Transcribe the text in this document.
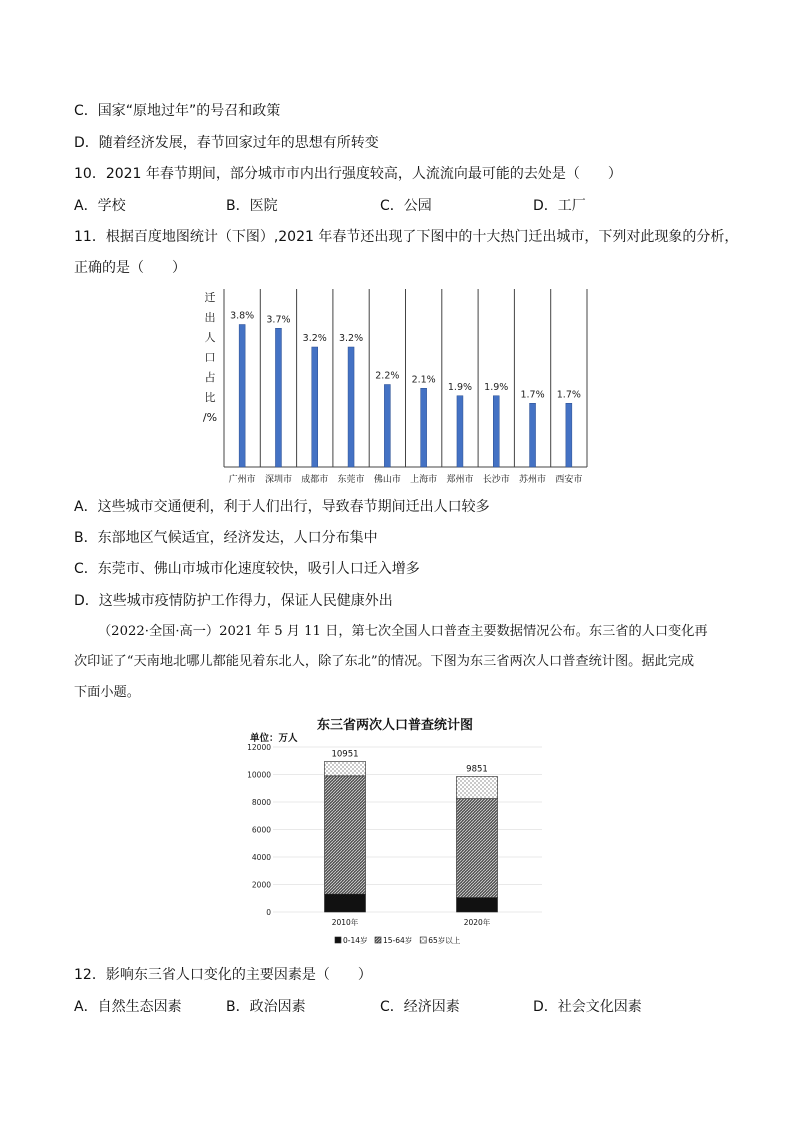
C．国家“原地过年”的号召和政策
D．随着经济发展，春节回家过年的思想有所转变
10．2021 年春节期间，部分城市市内出行强度较高，人流流向最可能的去处是（　　）
A．学校	B．医院	C．公园	D．工厂
11．根据百度地图统计（下图）,2021 年春节还出现了下图中的十大热门迁出城市，下列对此现象的分析，
正确的是（　　）
迁
出
人
口
占
比
/%
3.8%
广州市
3.7%
深圳市
3.2%
成都市
3.2%
东莞市
2.2%
佛山市
2.1%
上海市
1.9%
郑州市
1.9%
长沙市
1.7%
苏州市
1.7%
西安市
A．这些城市交通便利，利于人们出行，导致春节期间迁出人口较多
B．东部地区气候适宜，经济发达，人口分布集中
C．东莞市、佛山市城市化速度较快，吸引人口迁入增多
D．这些城市疫情防护工作得力，保证人民健康外出
（2022·全国·高一）2021 年 5 月 11 日，第七次全国人口普查主要数据情况公布。东三省的人口变化再
次印证了“天南地北哪儿都能见着东北人，除了东北”的情况。下图为东三省两次人口普查统计图。据此完成
下面小题。
东三省两次人口普查统计图
单位：万人
0
2000
4000
6000
8000
10000
12000
10951
2010年
9851
2020年
0-14岁 15-64岁 65岁以上
12．影响东三省人口变化的主要因素是（　　）
A．自然生态因素	B．政治因素	C．经济因素	D．社会文化因素
